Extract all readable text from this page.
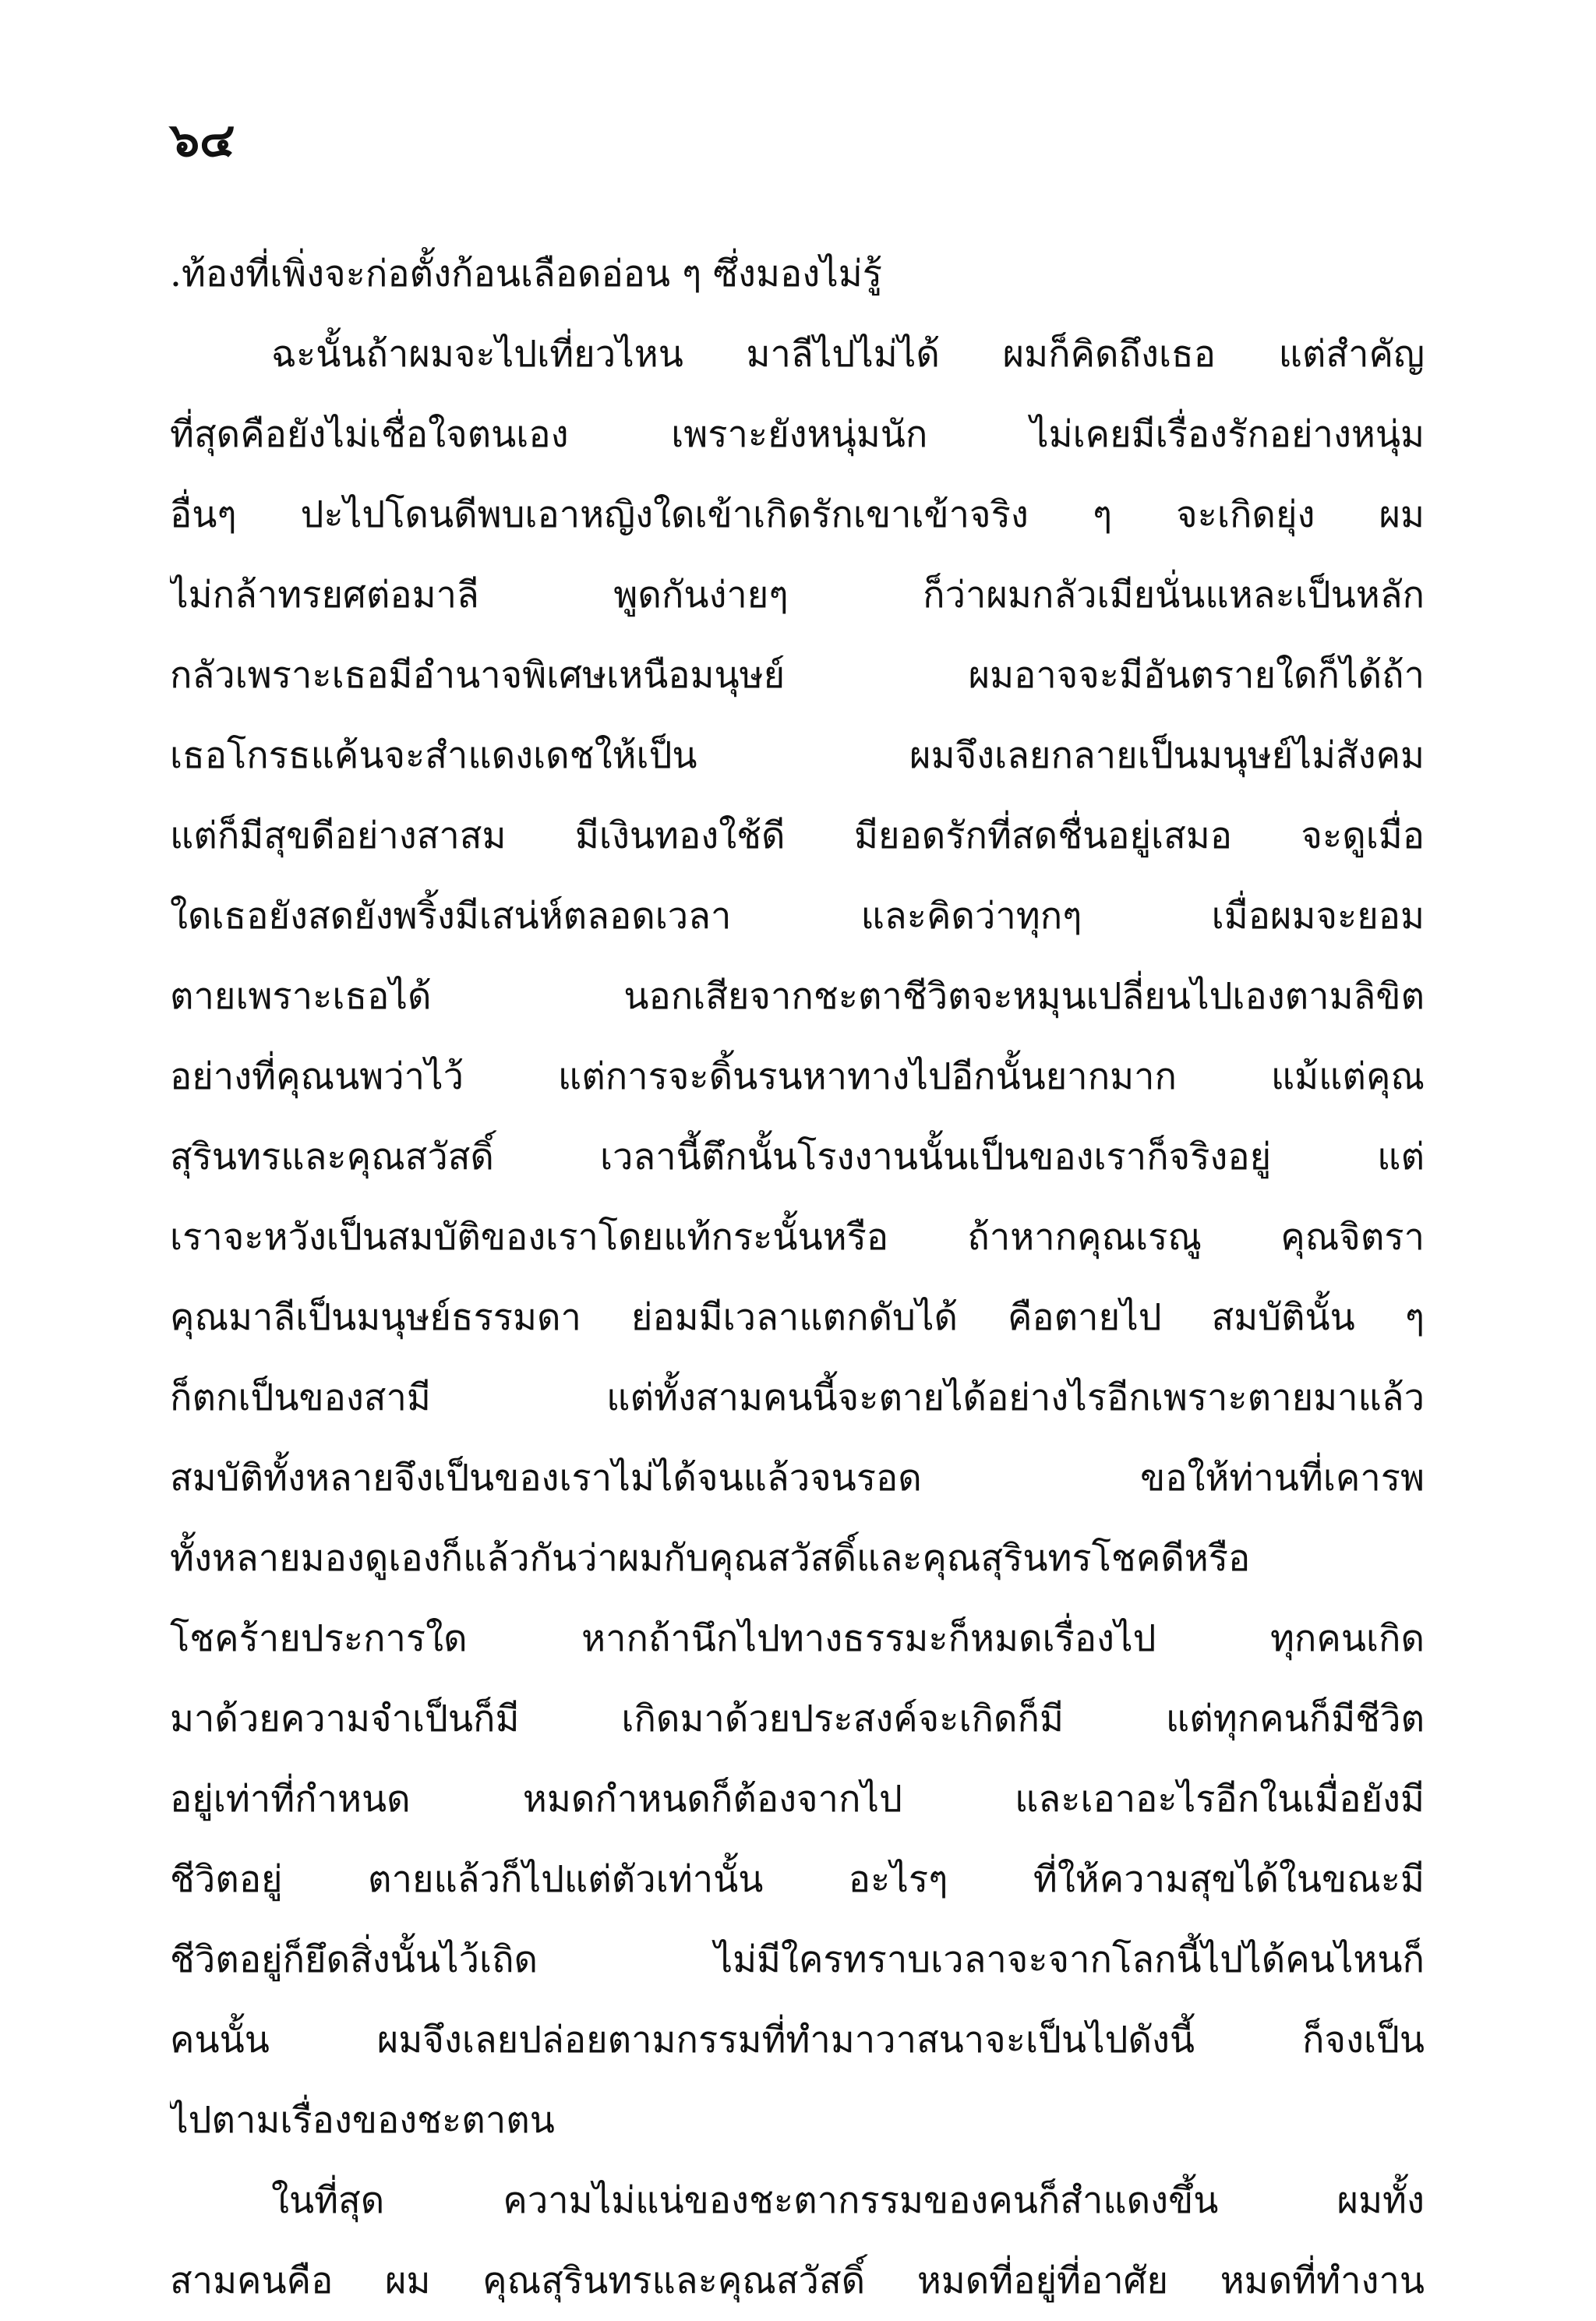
๖๔
.ท้องที่เพิ่งจะก่อตั้งก้อนเลือดอ่อน ๆ ซึ่งมองไม่รู้
ฉะนั้นถ้าผมจะไปเที่ยวไหน มาลีไปไม่ได้ ผมก็คิดถึงเธอ แต่สำคัญ
ที่สุดคือยังไม่เชื่อใจตนเอง เพราะยังหนุ่มนัก ไม่เคยมีเรื่องรักอย่างหนุ่ม
อื่นๆ ปะไปโดนดีพบเอาหญิงใดเข้าเกิดรักเขาเข้าจริง ๆ จะเกิดยุ่ง ผม
ไม่กล้าทรยศต่อมาลี พูดกันง่ายๆ ก็ว่าผมกลัวเมียนั่นแหละเป็นหลัก
กลัวเพราะเธอมีอำนาจพิเศษเหนือมนุษย์ ผมอาจจะมีอันตรายใดก็ได้ถ้า
เธอโกรธแค้นจะสำแดงเดชให้เป็น ผมจึงเลยกลายเป็นมนุษย์ไม่สังคม
แต่ก็มีสุขดีอย่างสาสม มีเงินทองใช้ดี มียอดรักที่สดชื่นอยู่เสมอ จะดูเมื่อ
ใดเธอยังสดยังพริ้งมีเสน่ห์ตลอดเวลา และคิดว่าทุกๆ เมื่อผมจะยอม
ตายเพราะเธอได้ นอกเสียจากชะตาชีวิตจะหมุนเปลี่ยนไปเองตามลิขิต
อย่างที่คุณนพว่าไว้ แต่การจะดิ้นรนหาทางไปอีกนั้นยากมาก แม้แต่คุณ
สุรินทรและคุณสวัสดิ์ เวลานี้ตึกนั้นโรงงานนั้นเป็นของเราก็จริงอยู่ แต่
เราจะหวังเป็นสมบัติของเราโดยแท้กระนั้นหรือ ถ้าหากคุณเรณู คุณจิตรา
คุณมาลีเป็นมนุษย์ธรรมดา ย่อมมีเวลาแตกดับได้ คือตายไป สมบัตินั้น ๆ
ก็ตกเป็นของสามี แต่ทั้งสามคนนี้จะตายได้อย่างไรอีกเพราะตายมาแล้ว
สมบัติทั้งหลายจึงเป็นของเราไม่ได้จนแล้วจนรอด ขอให้ท่านที่เคารพ
ทั้งหลายมองดูเองก็แล้วกันว่าผมกับคุณสวัสดิ์และคุณสุรินทรโชคดีหรือ
โชคร้ายประการใด หากถ้านึกไปทางธรรมะก็หมดเรื่องไป ทุกคนเกิด
มาด้วยความจำเป็นก็มี เกิดมาด้วยประสงค์จะเกิดก็มี แต่ทุกคนก็มีชีวิต
อยู่เท่าที่กำหนด หมดกำหนดก็ต้องจากไป และเอาอะไรอีกในเมื่อยังมี
ชีวิตอยู่ ตายแล้วก็ไปแต่ตัวเท่านั้น อะไรๆ ที่ให้ความสุขได้ในขณะมี
ชีวิตอยู่ก็ยึดสิ่งนั้นไว้เถิด ไม่มีใครทราบเวลาจะจากโลกนี้ไปได้คนไหนก็
คนนั้น ผมจึงเลยปล่อยตามกรรมที่ทำมาวาสนาจะเป็นไปดังนี้ ก็จงเป็น
ไปตามเรื่องของชะตาตน
ในที่สุด ความไม่แน่ของชะตากรรมของคนก็สำแดงขึ้น ผมทั้ง
สามคนคือ ผม คุณสุรินทรและคุณสวัสดิ์ หมดที่อยู่ที่อาศัย หมดที่ทำงาน
